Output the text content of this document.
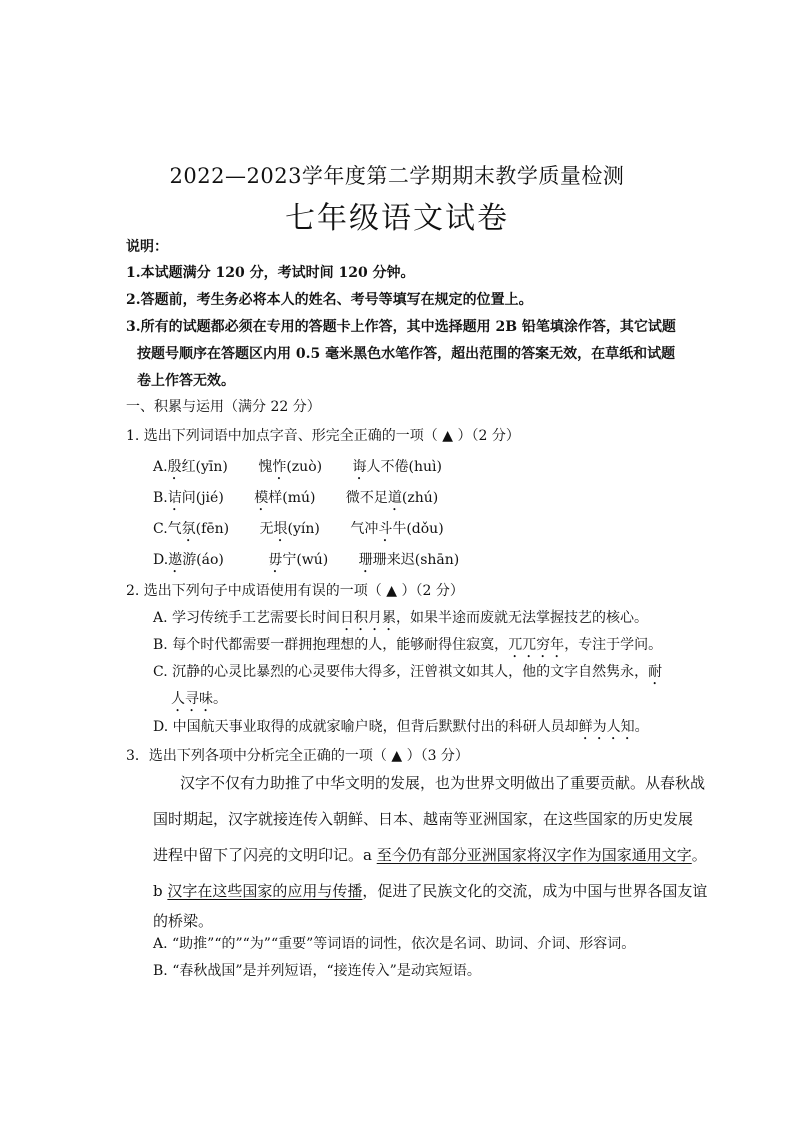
2022—2023学年度第二学期期末教学质量检测
七年级语文试卷
说明：
1.本试题满分 120 分，考试时间 120 分钟。
2.答题前，考生务必将本人的姓名、考号等填写在规定的位置上。
3.所有的试题都必须在专用的答题卡上作答，其中选择题用 2B 铅笔填涂作答，其它试题
按题号顺序在答题区内用 0.5 毫米黑色水笔作答，超出范围的答案无效，在草纸和试题
卷上作答无效。
一、积累与运用（满分 22 分）
1. 选出下列词语中加点字音、形完全正确的一项（ ▲ ）（2 分）
A.殷红(yīn) 愧怍(zuò) 诲人不倦(huì)
B.诘问(jié) 模样(mú) 微不足道(zhú)
C.气氛(fēn) 无垠(yín) 气冲斗牛(dǒu)
D.遨游(áo)	毋宁(wú) 珊珊来迟(shān)
2. 选出下列句子中成语使用有误的一项（ ▲ ）（2 分）
A. 学习传统手工艺需要长时间日积月累，如果半途而废就无法掌握技艺的核心。
B. 每个时代都需要一群拥抱理想的人，能够耐得住寂寞，兀兀穷年，专注于学问。
C. 沉静的心灵比暴烈的心灵要伟大得多，汪曾祺文如其人，他的文字自然隽永，耐
人寻味。
D. 中国航天事业取得的成就家喻户晓，但背后默默付出的科研人员却鲜为人知。
3．选出下列各项中分析完全正确的一项（ ▲ ）（3 分）
汉字不仅有力助推了中华文明的发展，也为世界文明做出了重要贡献。从春秋战
国时期起，汉字就接连传入朝鲜、日本、越南等亚洲国家，在这些国家的历史发展
进程中留下了闪亮的文明印记。a 至今仍有部分亚洲国家将汉字作为国家通用文字。
b 汉字在这些国家的应用与传播，促进了民族文化的交流，成为中国与世界各国友谊
的桥梁。
A. “助推”“的”“为”“重要”等词语的词性，依次是名词、助词、介词、形容词。
B. “春秋战国”是并列短语，“接连传入”是动宾短语。
